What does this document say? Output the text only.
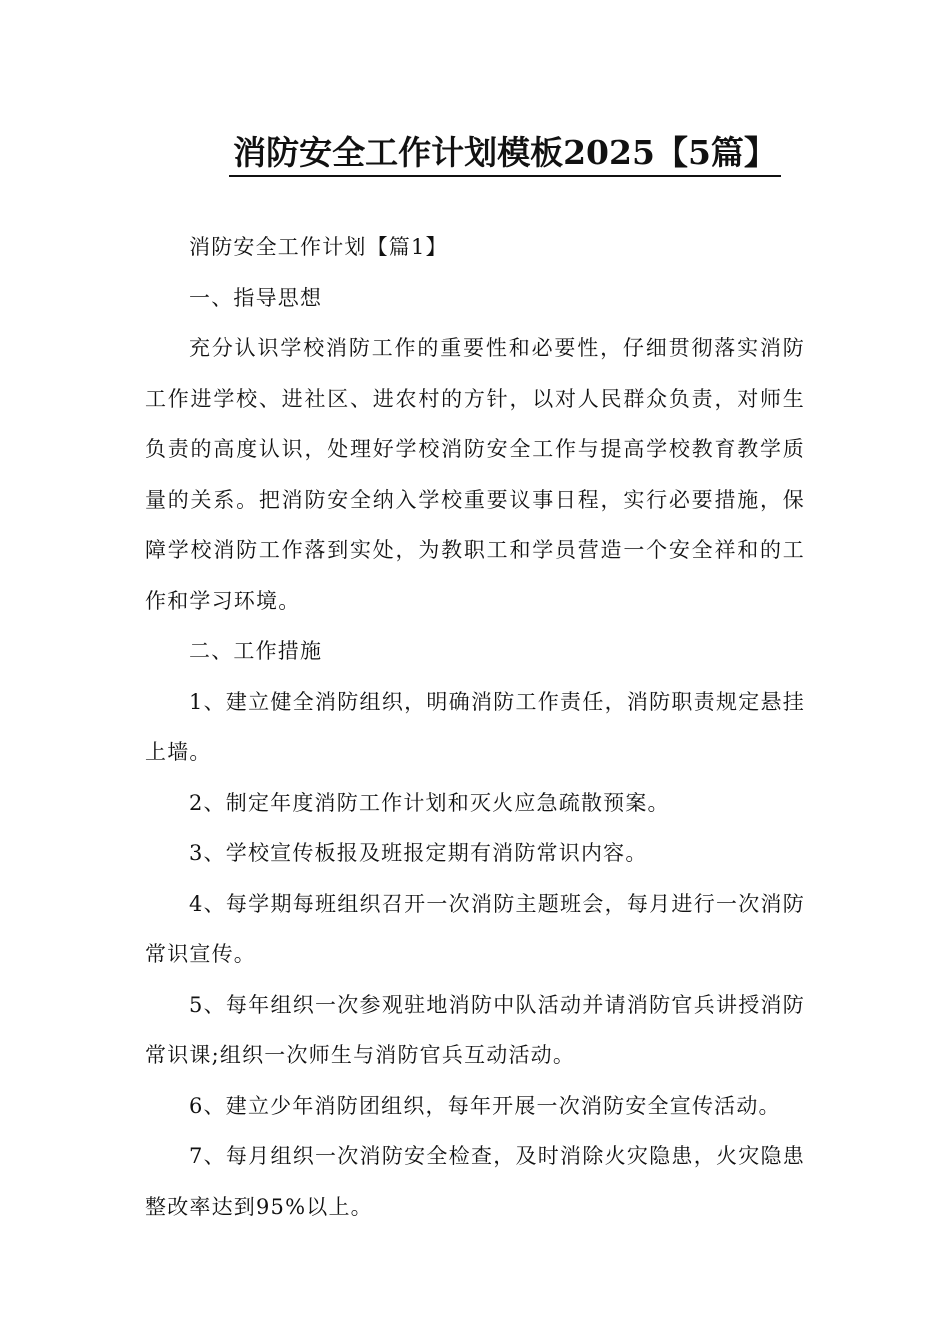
消防安全工作计划模板2025【5篇】

消防安全工作计划【篇1】

一、指导思想

充分认识学校消防工作的重要性和必要性，仔细贯彻落实消防工作进学校、进社区、进农村的方针，以对人民群众负责，对师生负责的高度认识，处理好学校消防安全工作与提高学校教育教学质量的关系。把消防安全纳入学校重要议事日程，实行必要措施，保障学校消防工作落到实处，为教职工和学员营造一个安全祥和的工作和学习环境。

二、工作措施

1、建立健全消防组织，明确消防工作责任，消防职责规定悬挂上墙。

2、制定年度消防工作计划和灭火应急疏散预案。

3、学校宣传板报及班报定期有消防常识内容。

4、每学期每班组织召开一次消防主题班会，每月进行一次消防常识宣传。

5、每年组织一次参观驻地消防中队活动并请消防官兵讲授消防常识课;组织一次师生与消防官兵互动活动。

6、建立少年消防团组织，每年开展一次消防安全宣传活动。

7、每月组织一次消防安全检查，及时消除火灾隐患，火灾隐患整改率达到95%以上。
